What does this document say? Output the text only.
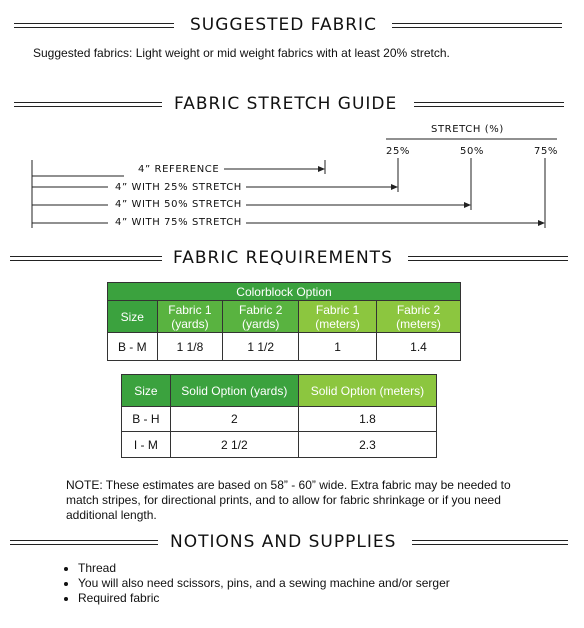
SUGGESTED FABRIC
Suggested fabrics: Light weight or mid weight fabrics with at least 20% stretch.
FABRIC STRETCH GUIDE
STRETCH (%)
25%	50%	75%
4” REFERENCE
4” WITH 25% STRETCH
4” WITH 50% STRETCH
4” WITH 75% STRETCH
FABRIC REQUIREMENTS
Colorblock Option				
Size	Fabric 1 (yards)	Fabric 2 (yards)	Fabric 1 (meters)	Fabric 2 (meters)
B - M	1 1/8	1 1/2	1	1.4
Size	Solid Option (yards)	Solid Option (meters)
B - H	2	1.8
I - M	2 1/2	2.3
NOTE: These estimates are based on 58” - 60” wide. Extra fabric may be needed to match stripes, for directional prints, and to allow for fabric shrinkage or if you need additional length.
NOTIONS AND SUPPLIES
• Thread
• You will also need scissors, pins, and a sewing machine and/or serger
• Required fabric
